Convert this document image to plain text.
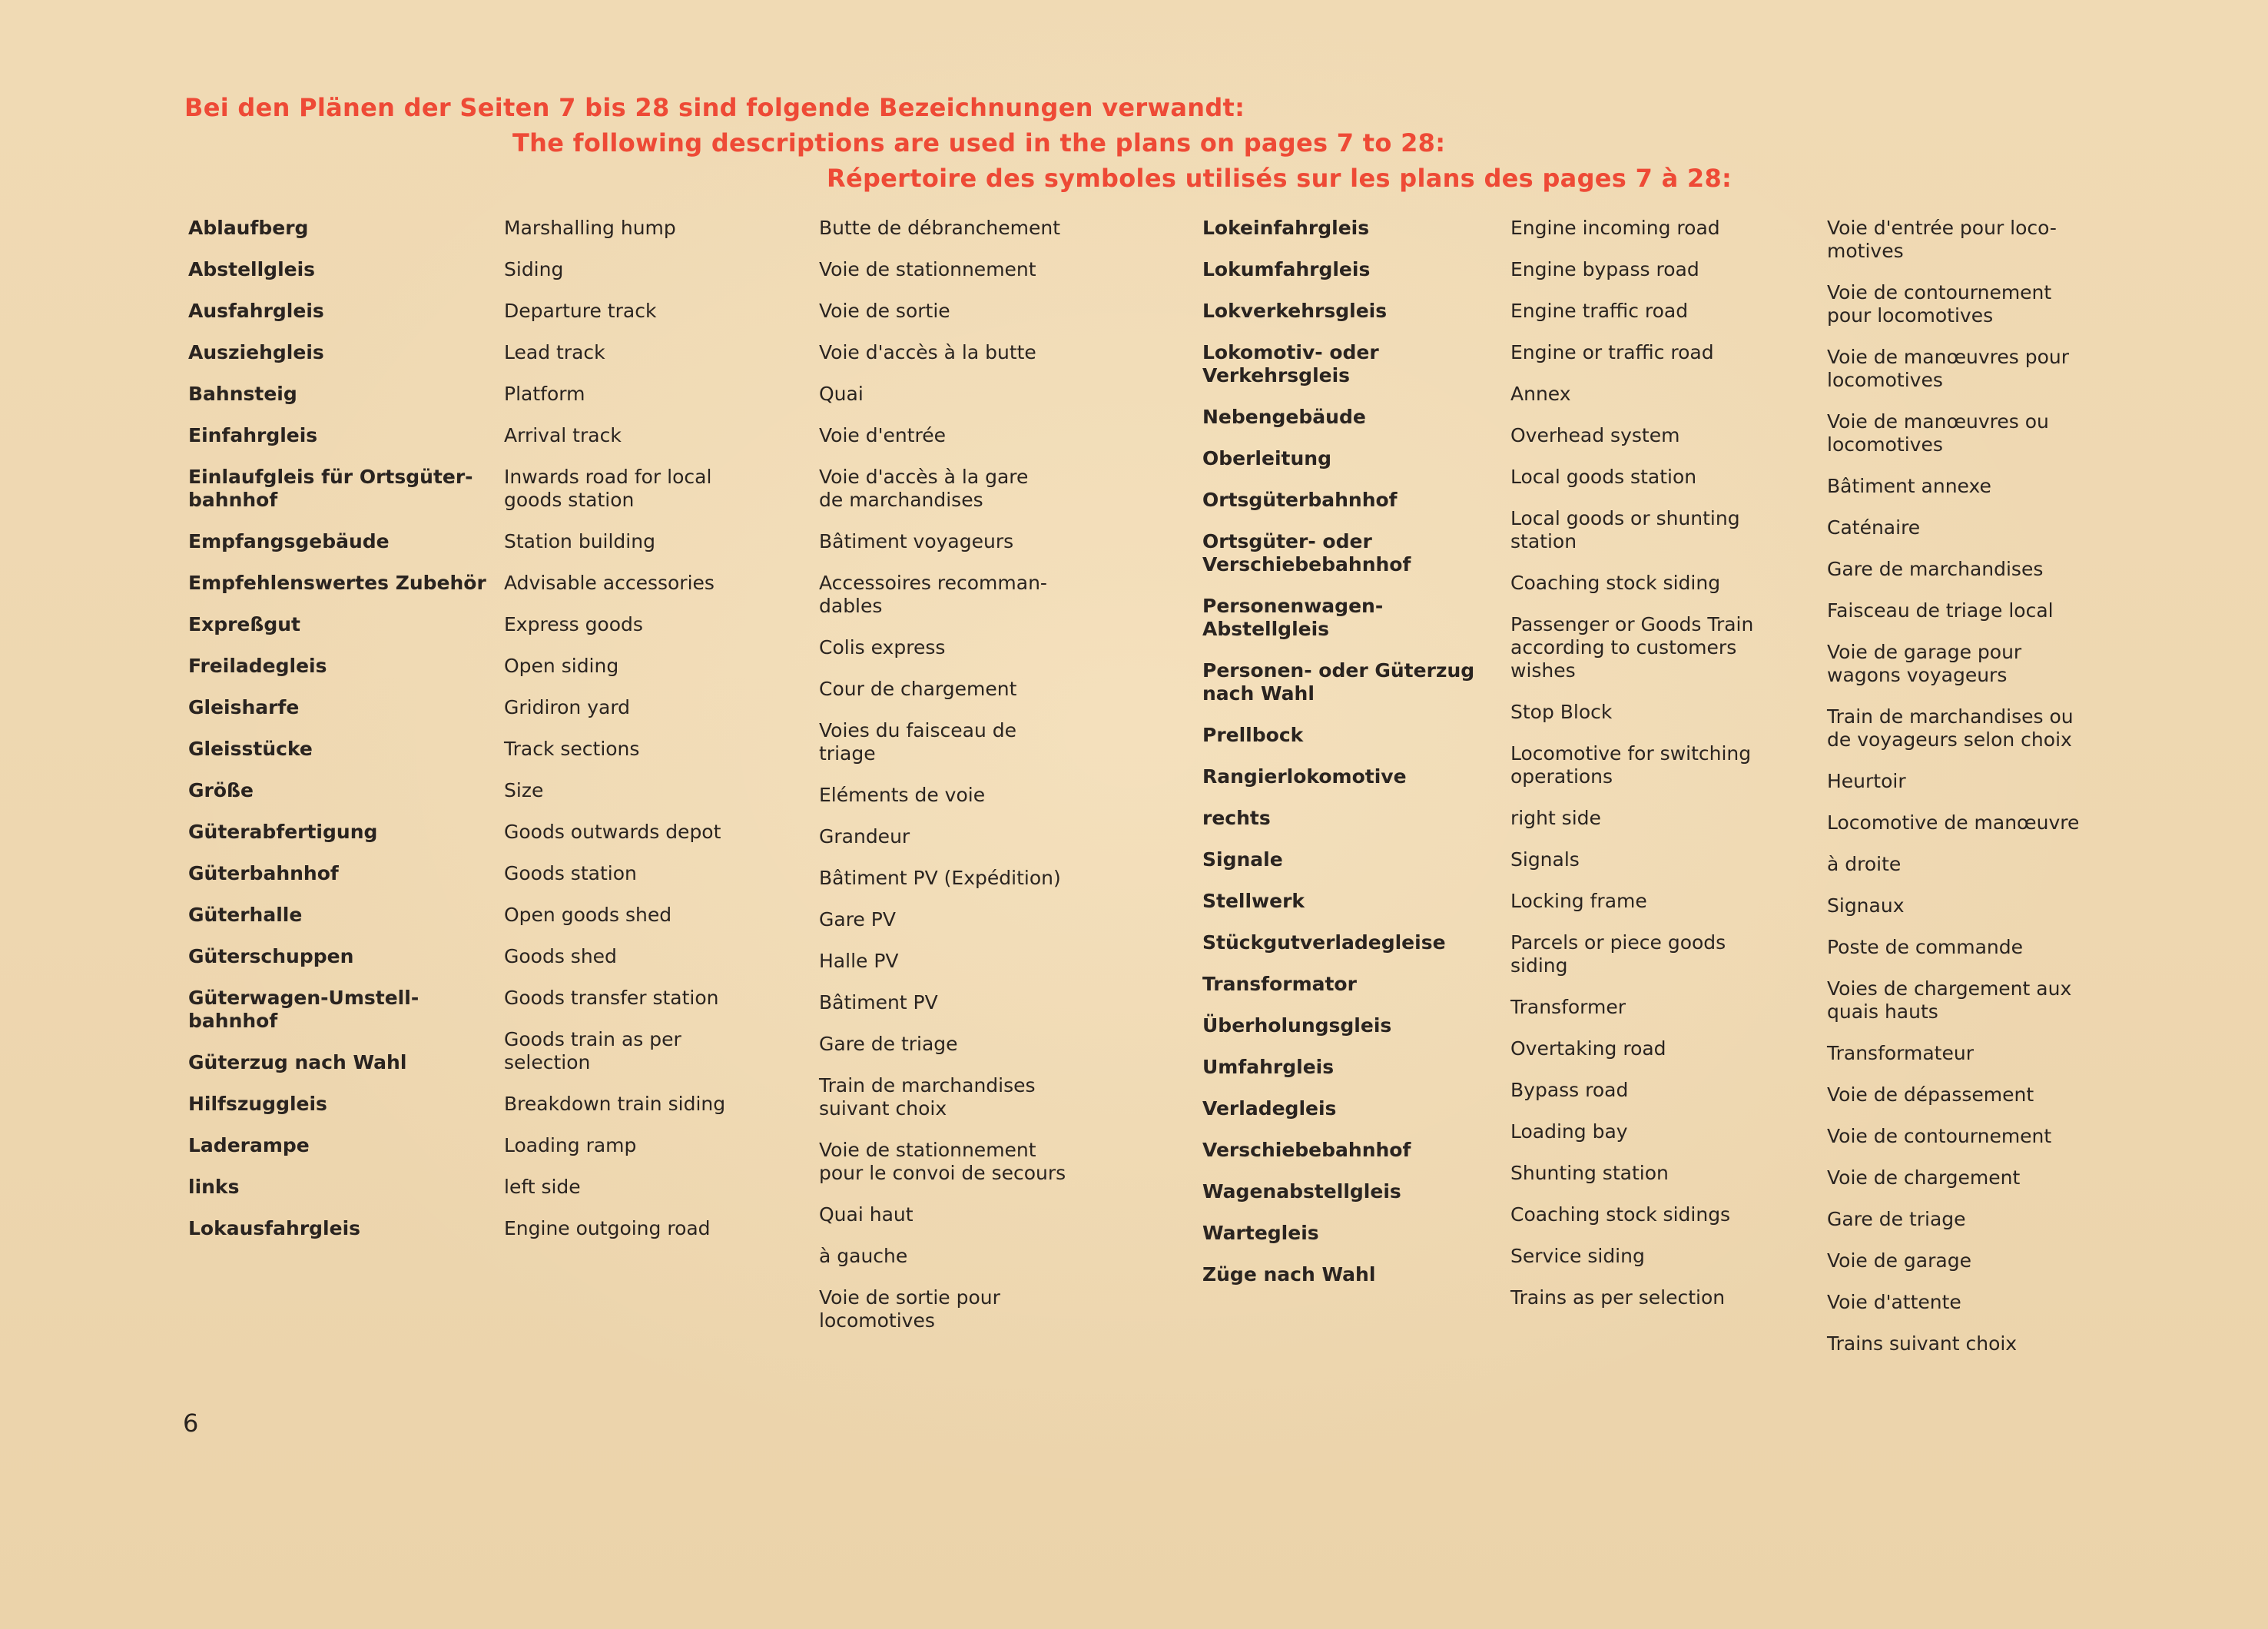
Bei den Plänen der Seiten 7 bis 28 sind folgende Bezeichnungen verwandt:
The following descriptions are used in the plans on pages 7 to 28:
Répertoire des symboles utilisés sur les plans des pages 7 à 28:
Ablaufberg
Abstellgleis
Ausfahrgleis
Ausziehgleis
Bahnsteig
Einfahrgleis
Einlaufgleis für Ortsgüter-
bahnhof
Empfangsgebäude
Empfehlenswertes Zubehör
Expreßgut
Freiladegleis
Gleisharfe
Gleisstücke
Größe
Güterabfertigung
Güterbahnhof
Güterhalle
Güterschuppen
Güterwagen-Umstell-
bahnhof
Güterzug nach Wahl
Hilfszuggleis
Laderampe
links
Lokausfahrgleis
Marshalling hump
Siding
Departure track
Lead track
Platform
Arrival track
Inwards road for local
goods station
Station building
Advisable accessories
Express goods
Open siding
Gridiron yard
Track sections
Size
Goods outwards depot
Goods station
Open goods shed
Goods shed
Goods transfer station
Goods train as per
selection
Breakdown train siding
Loading ramp
left side
Engine outgoing road
Butte de débranchement
Voie de stationnement
Voie de sortie
Voie d'accès à la butte
Quai
Voie d'entrée
Voie d'accès à la gare
de marchandises
Bâtiment voyageurs
Accessoires recomman-
dables
Colis express
Cour de chargement
Voies du faisceau de
triage
Eléments de voie
Grandeur
Bâtiment PV (Expédition)
Gare PV
Halle PV
Bâtiment PV
Gare de triage
Train de marchandises
suivant choix
Voie de stationnement
pour le convoi de secours
Quai haut
à gauche
Voie de sortie pour
locomotives
Lokeinfahrgleis
Lokumfahrgleis
Lokverkehrsgleis
Lokomotiv- oder
Verkehrsgleis
Nebengebäude
Oberleitung
Ortsgüterbahnhof
Ortsgüter- oder
Verschiebebahnhof
Personenwagen-
Abstellgleis
Personen- oder Güterzug
nach Wahl
Prellbock
Rangierlokomotive
rechts
Signale
Stellwerk
Stückgutverladegleise
Transformator
Überholungsgleis
Umfahrgleis
Verladegleis
Verschiebebahnhof
Wagenabstellgleis
Wartegleis
Züge nach Wahl
Engine incoming road
Engine bypass road
Engine traffic road
Engine or traffic road
Annex
Overhead system
Local goods station
Local goods or shunting
station
Coaching stock siding
Passenger or Goods Train
according to customers
wishes
Stop Block
Locomotive for switching
operations
right side
Signals
Locking frame
Parcels or piece goods
siding
Transformer
Overtaking road
Bypass road
Loading bay
Shunting station
Coaching stock sidings
Service siding
Trains as per selection
Voie d'entrée pour loco-
motives
Voie de contournement
pour locomotives
Voie de manœuvres pour
locomotives
Voie de manœuvres ou
locomotives
Bâtiment annexe
Caténaire
Gare de marchandises
Faisceau de triage local
Voie de garage pour
wagons voyageurs
Train de marchandises ou
de voyageurs selon choix
Heurtoir
Locomotive de manœuvre
à droite
Signaux
Poste de commande
Voies de chargement aux
quais hauts
Transformateur
Voie de dépassement
Voie de contournement
Voie de chargement
Gare de triage
Voie de garage
Voie d'attente
Trains suivant choix
6
